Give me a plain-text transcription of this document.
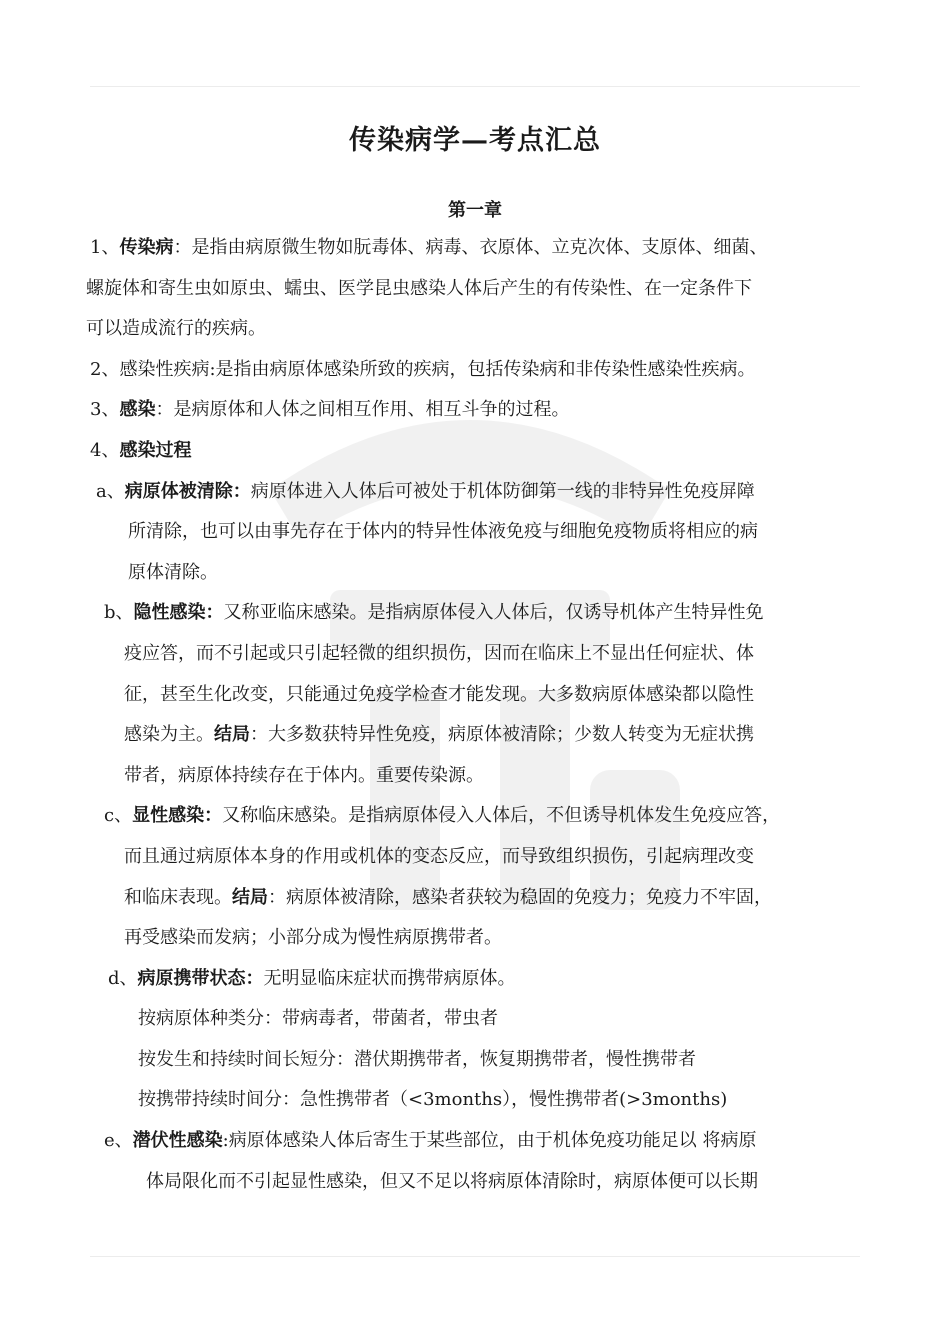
传染病学—考点汇总
第一章
1、传染病：是指由病原微生物如朊毒体、病毒、衣原体、立克次体、支原体、细菌、
螺旋体和寄生虫如原虫、蠕虫、医学昆虫感染人体后产生的有传染性、在一定条件下
可以造成流行的疾病。
2、感染性疾病:是指由病原体感染所致的疾病，包括传染病和非传染性感染性疾病。
3、感染：是病原体和人体之间相互作用、相互斗争的过程。
4、感染过程
a、病原体被清除：病原体进入人体后可被处于机体防御第一线的非特异性免疫屏障
所清除，也可以由事先存在于体内的特异性体液免疫与细胞免疫物质将相应的病
原体清除。
b、隐性感染：又称亚临床感染。是指病原体侵入人体后，仅诱导机体产生特异性免
疫应答，而不引起或只引起轻微的组织损伤，因而在临床上不显出任何症状、体
征，甚至生化改变，只能通过免疫学检查才能发现。大多数病原体感染都以隐性
感染为主。结局：大多数获特异性免疫，病原体被清除；少数人转变为无症状携
带者，病原体持续存在于体内。重要传染源。
c、显性感染：又称临床感染。是指病原体侵入人体后，不但诱导机体发生免疫应答，
而且通过病原体本身的作用或机体的变态反应，而导致组织损伤，引起病理改变
和临床表现。结局：病原体被清除，感染者获较为稳固的免疫力；免疫力不牢固，
再受感染而发病；小部分成为慢性病原携带者。
d、病原携带状态：无明显临床症状而携带病原体。
按病原体种类分：带病毒者，带菌者，带虫者
按发生和持续时间长短分：潜伏期携带者，恢复期携带者，慢性携带者
按携带持续时间分：急性携带者（<3months），慢性携带者(>3months)
e、潜伏性感染:病原体感染人体后寄生于某些部位，由于机体免疫功能足以 将病原
体局限化而不引起显性感染，但又不足以将病原体清除时，病原体便可以长期
